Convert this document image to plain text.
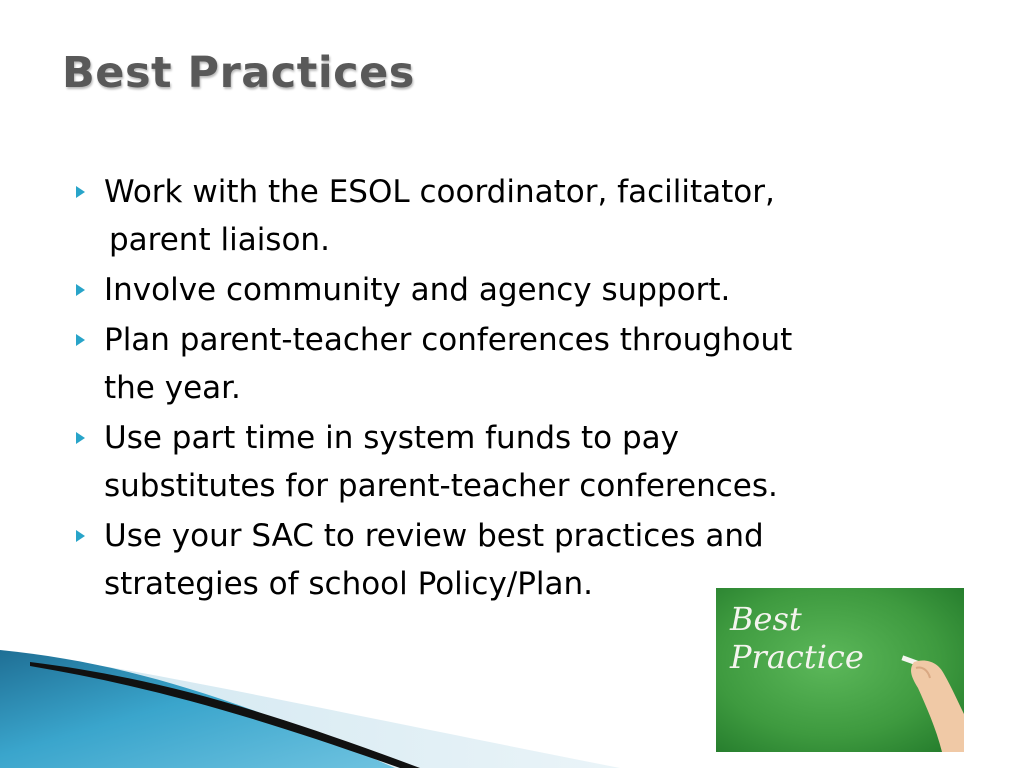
Best Practices
Work with the ESOL coordinator, facilitator,
parent liaison.
Involve community and agency support.
Plan parent-teacher conferences throughout
the year.
Use part time in system funds to pay
substitutes for parent-teacher conferences.
Use your SAC to review best practices and
strategies of school Policy/Plan.
Best
Practice
